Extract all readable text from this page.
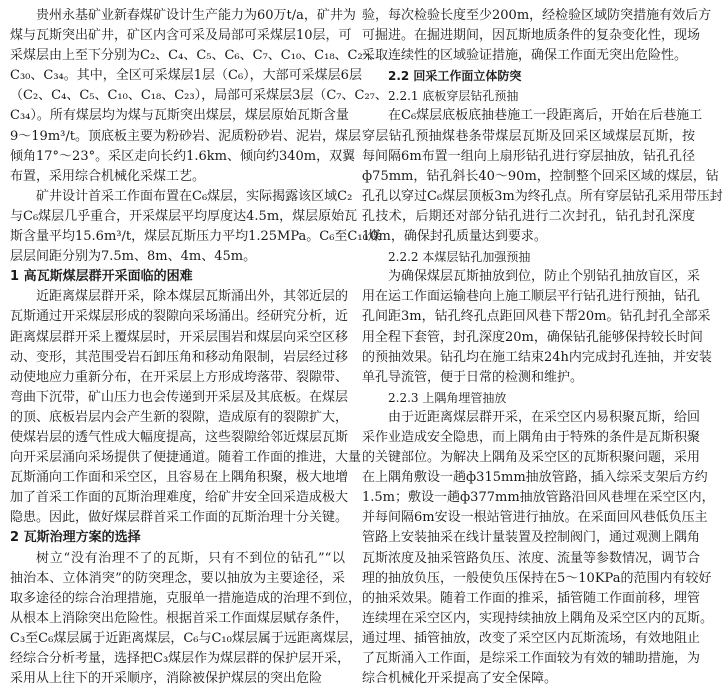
贵州永基矿业新春煤矿设计生产能力为60万t/a，矿井为
煤与瓦斯突出矿井，矿区内含可采及局部可采煤层10层，可
采煤层由上至下分别为C₂、C₄、C₅、C₆、C₇、C₁₀、C₁₈、C₂₇、
C₃₀、C₃₄。其中，全区可采煤层1层（C₆），大部可采煤层6层
（C₂、C₄、C₅、C₁₀、C₁₈、C₂₃），局部可采煤层3层（C₇、C₂₇、
C₃₄）。所有煤层均为煤与瓦斯突出煤层，煤层原始瓦斯含量
9～19m³/t。顶底板主要为粉砂岩、泥质粉砂岩、泥岩，煤层
倾角17°～23°。采区走向长约1.6km、倾向约340m，双翼
布置，采用综合机械化采煤工艺。
矿井设计首采工作面布置在C₆煤层，实际揭露该区域C₂
与C₆煤层几乎重合，开采煤层平均厚度达4.5m，煤层原始瓦
斯含量平均15.6m³/t，煤层瓦斯压力平均1.25MPa。C₆至C₁₀煤
层层间距分别为7.5m、8m、4m、45m。
1 高瓦斯煤层群开采面临的困难
近距离煤层群开采，除本煤层瓦斯涌出外，其邻近层的
瓦斯通过开采煤层形成的裂隙向采场涌出。经研究分析，近
距离煤层群开采上覆煤层时，开采层围岩和煤层向采空区移
动、变形，其范围受岩石卸压角和移动角限制，岩层经过移
动使地应力重新分布，在开采层上方形成垮落带、裂隙带、
弯曲下沉带，矿山压力也会传递到开采层及其底板。在煤层
的顶、底板岩层内会产生新的裂隙，造成原有的裂隙扩大，
使煤岩层的透气性成大幅度提高，这些裂隙给邻近煤层瓦斯
向开采层涌向采场提供了便捷通道。随着工作面的推进，大量
瓦斯涌向工作面和采空区，且容易在上隅角积聚，极大地增
加了首采工作面的瓦斯治理难度，给矿井安全回采造成极大
隐患。因此，做好煤层群首采工作面的瓦斯治理十分关键。
2 瓦斯治理方案的选择
树立“没有治理不了的瓦斯，只有不到位的钻孔”“以
抽治本、立体消突”的防突理念，要以抽放为主要途径，采
取多途径的综合治理措施，克服单一措施造成的治理不到位，
从根本上消除突出危险性。根据首采工作面煤层赋存条件，
C₃至C₆煤层属于近距离煤层，C₆与C₁₀煤层属于远距离煤层，
经综合分析考量，选择把C₃煤层作为煤层群的保护层开采，
采用从上往下的开采顺序，消除被保护煤层的突出危险
验，每次检验长度至少200m，经检验区域防突措施有效后方
可掘进。在掘进期间，因瓦斯地质条件的复杂变化性，现场
采取连续性的区域验证措施，确保工作面无突出危险性。
2.2 回采工作面立体防突
2.2.1 底板穿层钻孔预抽
在C₆煤层底板底抽巷施工一段距离后，开始在后巷施工
穿层钻孔预抽煤巷条带煤层瓦斯及回采区域煤层瓦斯，按
每间隔6m布置一组向上扇形钻孔进行穿层抽放，钻孔孔径
ф75mm，钻孔斜长40～90m，控制整个回采区域的煤层，钻
孔孔以穿过C₆煤层顶板3m为终孔点。所有穿层钻孔采用带压封
孔技术，后期还对部分钻孔进行二次封孔，钻孔封孔深度
10m，确保封孔质量达到要求。
2.2.2 本煤层钻孔加强预抽
为确保煤层瓦斯抽放到位，防止个别钻孔抽放盲区，采
用在运工作面运输巷向上施工顺层平行钻孔进行预抽，钻孔
孔间距3m，钻孔终孔点距回风巷下帮20m。钻孔封孔全部采
用全程下套管，封孔深度20m，确保钻孔能够保持较长时间
的预抽效果。钻孔均在施工结束24h内完成封孔连抽，并安装
单孔导流管，便于日常的检测和维护。
2.2.3 上隅角埋管抽放
由于近距离煤层群开采，在采空区内易积聚瓦斯，给回
采作业造成安全隐患，而上隅角由于特殊的条件是瓦斯积聚
的关键部位。为解决上隅角及采空区的瓦斯积聚问题，采用
在上隅角敷设一趟ф315mm抽放管路，插入综采支架后方约
1.5m；敷设一趟ф377mm抽放管路沿回风巷埋在采空区内，
并每间隔6m安设一根站管进行抽放。在采面回风巷低负压主
管路上安装抽采在线计量装置及控制阀门，通过观测上隅角
瓦斯浓度及抽采管路负压、浓度、流量等参数情况，调节合
理的抽放负压，一般使负压保持在5～10KPa的范围内有较好
的抽采效果。随着工作面的推采，插管随工作面前移，埋管
连续埋在采空区内，实现持续抽放上隅角及采空区内的瓦斯。
通过埋、插管抽放，改变了采空区内瓦斯流场，有效地阻止
了瓦斯涌入工作面，是综采工作面较为有效的辅助措施，为
综合机械化开采提高了安全保障。
